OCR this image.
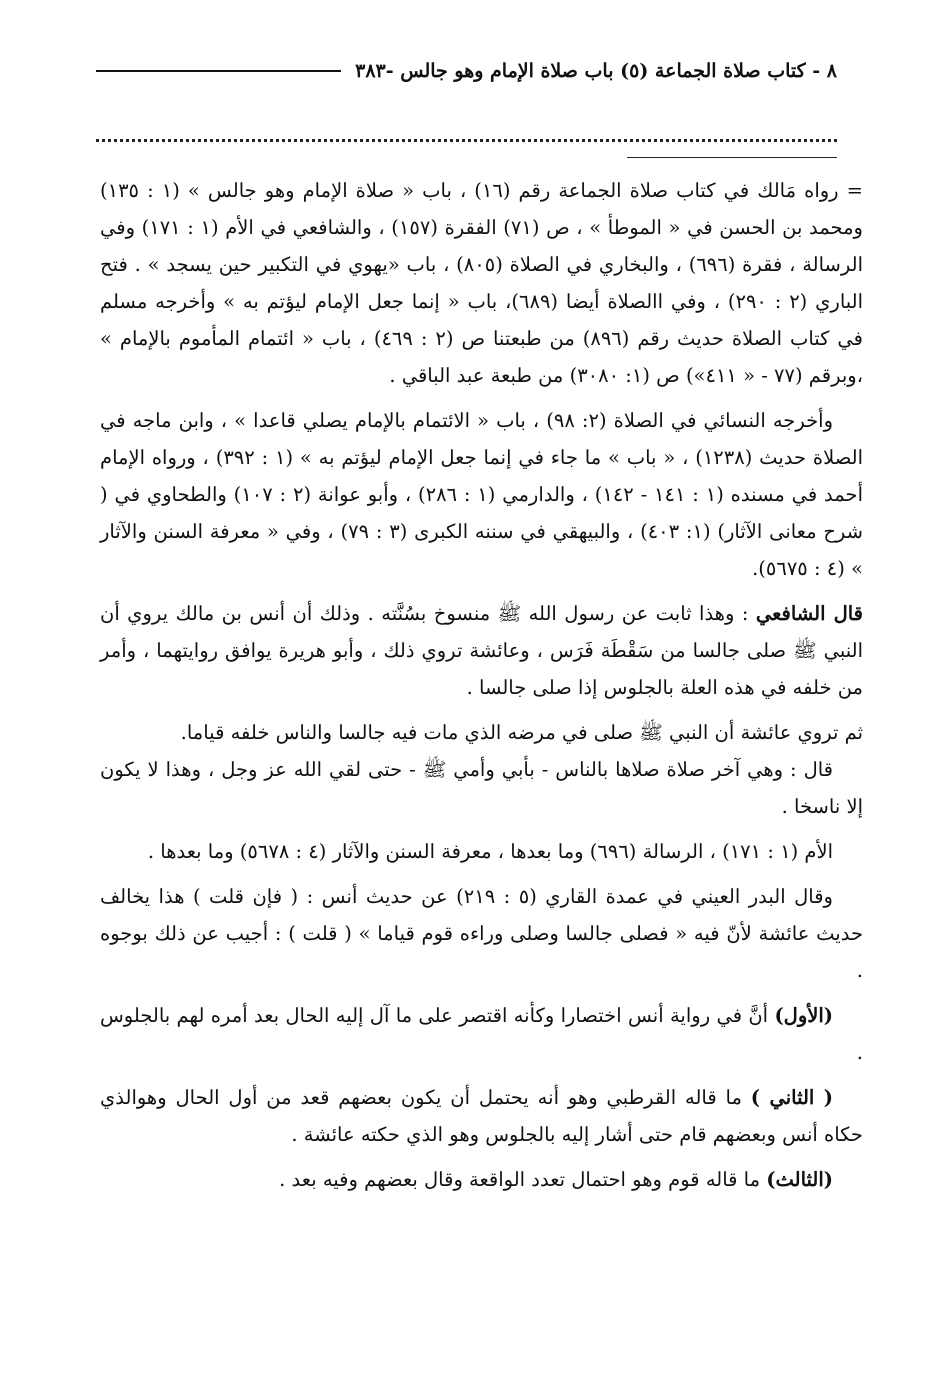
٨ - كتاب صلاة الجماعة (٥) باب صلاة الإمام وهو جالس -٣٨٣

= رواه مَالك في كتاب صلاة الجماعة رقم (١٦) ، باب « صلاة الإمام وهو جالس » (١ : ١٣٥) ومحمد بن الحسن في « الموطأ » ، ص (٧١) الفقرة (١٥٧) ، والشافعي في الأم (١ : ١٧١) وفي الرسالة ، فقرة (٦٩٦) ، والبخاري في الصلاة (٨٠٥) ، باب «يهوي في التكبير حين يسجد » . فتح الباري (٢ : ٢٩٠) ، وفي االصلاة أيضا (٦٨٩)، باب « إنما جعل الإمام ليؤتم به » وأخرجه مسلم في كتاب الصلاة حديث رقم (٨٩٦) من طبعتنا ص (٢ : ٤٦٩) ، باب « ائتمام المأموم بالإمام » ،وبرقم (٧٧ - « ٤١١») ص (١: ٣٠٨٠) من طبعة عبد الباقي .

وأخرجه النسائي في الصلاة (٢: ٩٨) ، باب « الائتمام بالإمام يصلي قاعدا » ، وابن ماجه في الصلاة حديث (١٢٣٨) ، « باب » ما جاء في إنما جعل الإمام ليؤتم به » (١ : ٣٩٢) ، ورواه الإمام أحمد في مسنده (١ : ١٤١ - ١٤٢) ، والدارمي (١ : ٢٨٦) ، وأبو عوانة (٢ : ١٠٧) والطحاوي في ( شرح معانى الآثار) (١: ٤٠٣) ، والبيهقي في سننه الكبرى (٣ : ٧٩) ، وفي « معرفة السنن والآثار » (٤ : ٥٦٧٥).

قال الشافعي : وهذا ثابت عن رسول الله ﷺ منسوخ بسُنَّته . وذلك أن أنس بن مالك يروي أن النبي ﷺ صلى جالسا من سَقْطَة فَرَس ، وعائشة تروي ذلك ، وأبو هريرة يوافق روايتهما ، وأمر من خلفه في هذه العلة بالجلوس إذا صلى جالسا .

ثم تروي عائشة أن النبي ﷺ صلى في مرضه الذي مات فيه جالسا والناس خلفه قياما.

قال : وهي آخر صلاة صلاها بالناس - بأبي وأمي ﷺ - حتى لقي الله عز وجل ، وهذا لا يكون إلا ناسخا .

الأم (١ : ١٧١) ، الرسالة (٦٩٦) وما بعدها ، معرفة السنن والآثار (٤ : ٥٦٧٨) وما بعدها .

وقال البدر العيني في عمدة القاري (٥ : ٢١٩) عن حديث أنس : ( فإن قلت ) هذا يخالف حديث عائشة لأنّ فيه « فصلى جالسا وصلى وراءه قوم قياما » ( قلت ) : أجيب عن ذلك بوجوه .

(الأول) أنَّ في رواية أنس اختصارا وكأنه اقتصر على ما آل إليه الحال بعد أمره لهم بالجلوس .

( الثاني ) ما قاله القرطبي وهو أنه يحتمل أن يكون بعضهم قعد من أول الحال وهوالذي حكاه أنس وبعضهم قام حتى أشار إليه بالجلوس وهو الذي حكته عائشة .

(الثالث) ما قاله قوم وهو احتمال تعدد الواقعة وقال بعضهم وفيه بعد .
